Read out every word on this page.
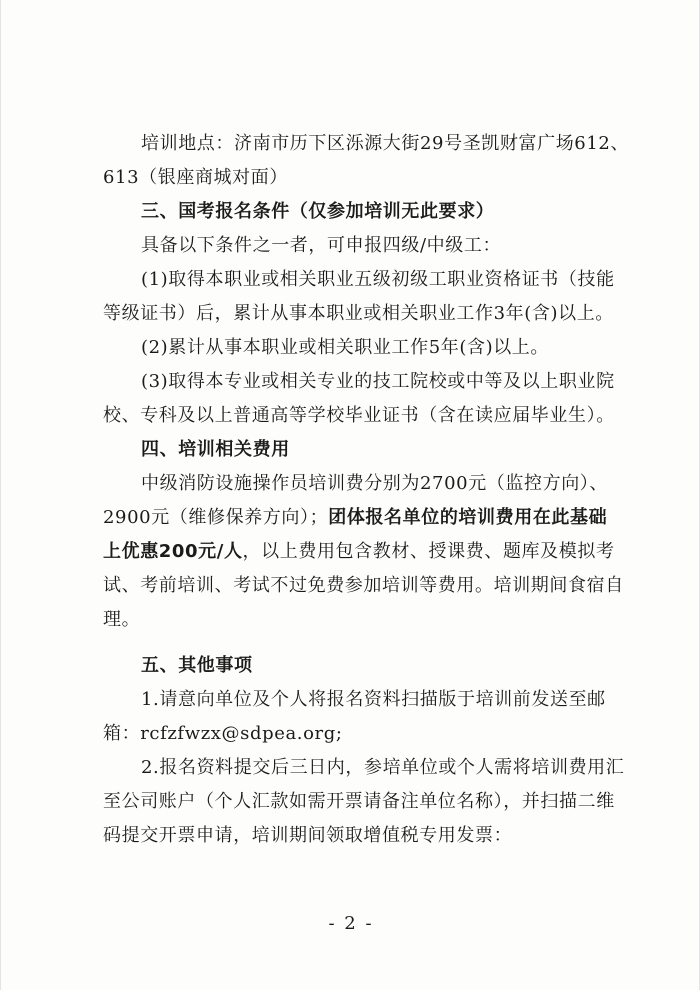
培训地点：济南市历下区泺源大街29号圣凯财富广场612、
613（银座商城对面）
三、国考报名条件（仅参加培训无此要求）
具备以下条件之一者，可申报四级/中级工：
(1)取得本职业或相关职业五级初级工职业资格证书（技能
等级证书）后，累计从事本职业或相关职业工作3年(含)以上。
(2)累计从事本职业或相关职业工作5年(含)以上。
(3)取得本专业或相关专业的技工院校或中等及以上职业院
校、专科及以上普通高等学校毕业证书（含在读应届毕业生）。
四、培训相关费用
中级消防设施操作员培训费分别为2700元（监控方向）、
2900元（维修保养方向）；团体报名单位的培训费用在此基础
上优惠200元/人，以上费用包含教材、授课费、题库及模拟考
试、考前培训、考试不过免费参加培训等费用。培训期间食宿自
理。
五、其他事项
1.请意向单位及个人将报名资料扫描版于培训前发送至邮
箱：rcfzfwzx@sdpea.org;
2.报名资料提交后三日内，参培单位或个人需将培训费用汇
至公司账户（个人汇款如需开票请备注单位名称），并扫描二维
码提交开票申请，培训期间领取增值税专用发票：
- 2 -
